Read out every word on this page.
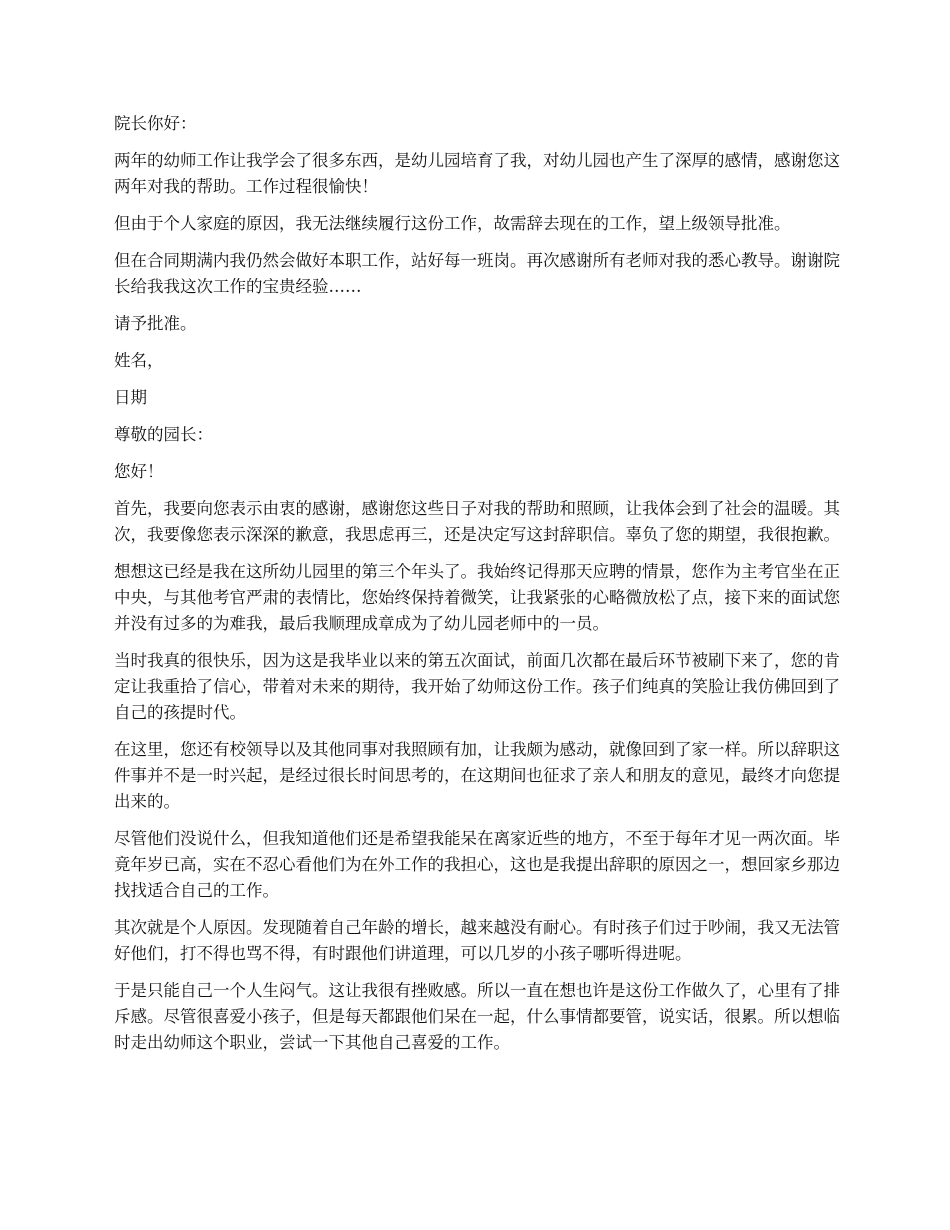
院长你好：

两年的幼师工作让我学会了很多东西，是幼儿园培育了我，对幼儿园也产生了深厚的感情，感谢您这两年对我的帮助。工作过程很愉快！

但由于个人家庭的原因，我无法继续履行这份工作，故需辞去现在的工作，望上级领导批准。

但在合同期满内我仍然会做好本职工作，站好每一班岗。再次感谢所有老师对我的悉心教导。谢谢院长给我我这次工作的宝贵经验……

请予批准。

姓名，

日期

尊敬的园长：

您好！

首先，我要向您表示由衷的感谢，感谢您这些日子对我的帮助和照顾，让我体会到了社会的温暖。其次，我要像您表示深深的歉意，我思虑再三，还是决定写这封辞职信。辜负了您的期望，我很抱歉。

想想这已经是我在这所幼儿园里的第三个年头了。我始终记得那天应聘的情景，您作为主考官坐在正中央，与其他考官严肃的表情比，您始终保持着微笑，让我紧张的心略微放松了点，接下来的面试您并没有过多的为难我，最后我顺理成章成为了幼儿园老师中的一员。

当时我真的很快乐，因为这是我毕业以来的第五次面试，前面几次都在最后环节被刷下来了，您的肯定让我重拾了信心，带着对未来的期待，我开始了幼师这份工作。孩子们纯真的笑脸让我仿佛回到了自己的孩提时代。

在这里，您还有校领导以及其他同事对我照顾有加，让我颇为感动，就像回到了家一样。所以辞职这件事并不是一时兴起，是经过很长时间思考的，在这期间也征求了亲人和朋友的意见，最终才向您提出来的。

尽管他们没说什么，但我知道他们还是希望我能呆在离家近些的地方，不至于每年才见一两次面。毕竟年岁已高，实在不忍心看他们为在外工作的我担心，这也是我提出辞职的原因之一，想回家乡那边找找适合自己的工作。

其次就是个人原因。发现随着自己年龄的增长，越来越没有耐心。有时孩子们过于吵闹，我又无法管好他们，打不得也骂不得，有时跟他们讲道理，可以几岁的小孩子哪听得进呢。

于是只能自己一个人生闷气。这让我很有挫败感。所以一直在想也许是这份工作做久了，心里有了排斥感。尽管很喜爱小孩子，但是每天都跟他们呆在一起，什么事情都要管，说实话，很累。所以想临时走出幼师这个职业，尝试一下其他自己喜爱的工作。
